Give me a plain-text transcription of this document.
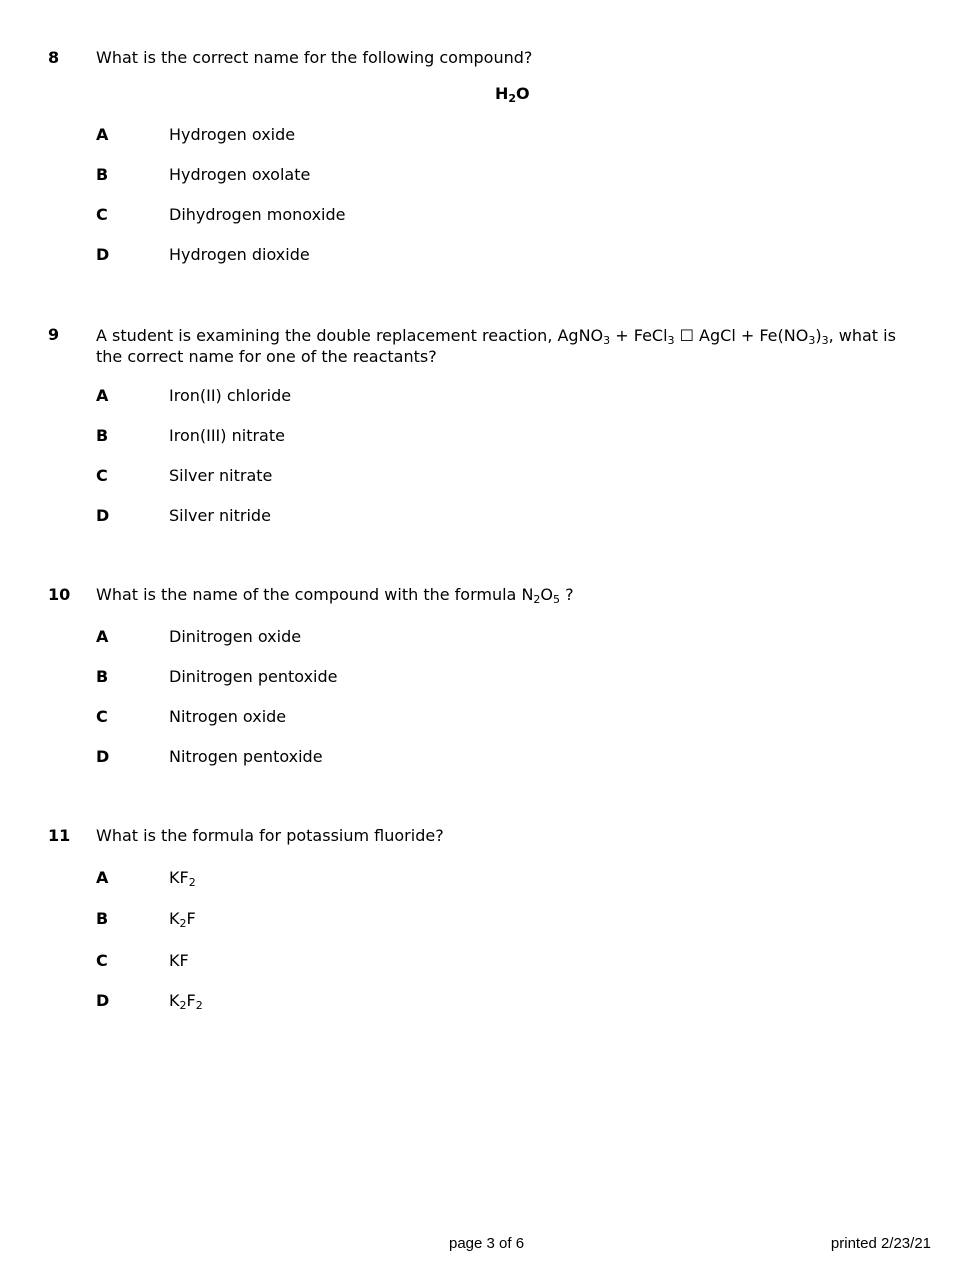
8 What is the correct name for the following compound?
$H_2O$
A	Hydrogen oxide
B	Hydrogen oxolate
C	Dihydrogen monoxide
D	Hydrogen dioxide
9 A student is examining the double replacement reaction, AgNO$_3$ + FeCl$_3$ ☐ AgCl + $Fe(NO_3)_3$, what is the correct name for one of the reactants?
A	Iron(II) chloride
B	Iron(III) nitrate
C	Silver nitrate
D	Silver nitride
10 What is the name of the compound with the formula $N_2O_5$ ?
A	Dinitrogen oxide
B	Dinitrogen pentoxide
C	Nitrogen oxide
D	Nitrogen pentoxide
11 What is the formula for potassium fluoride?
A	$KF_2$
B	$K_2F$
C	KF
D	$K_2F_2$
page 3 of 6	printed 2/23/21
